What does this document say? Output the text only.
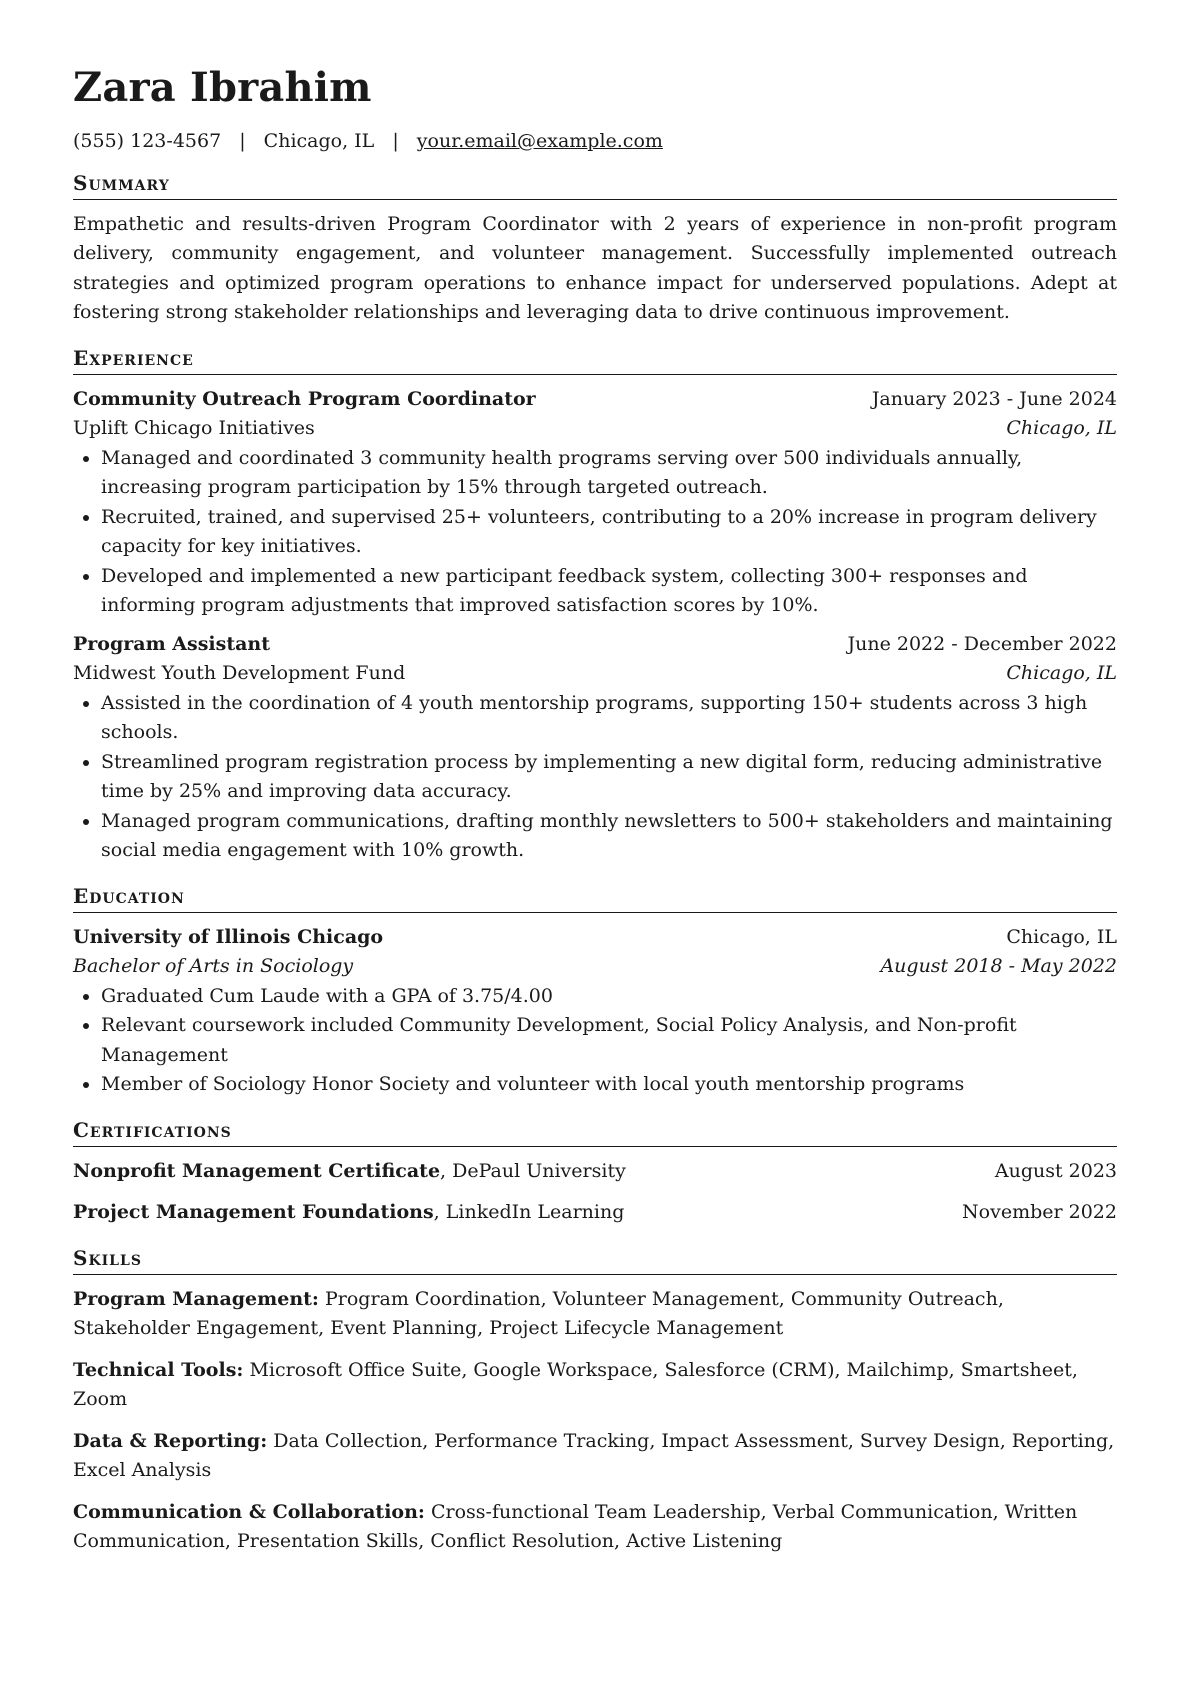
Zara Ibrahim
(555) 123-4567 | Chicago, IL | your.email@example.com
Summary

Empathetic and results-driven Program Coordinator with 2 years of experience in non-profit program delivery, community engagement, and volunteer management. Successfully implemented outreach strategies and optimized program operations to enhance impact for underserved populations. Adept at fostering strong stakeholder relationships and leveraging data to drive continuous improvement.

Experience
Community Outreach Program Coordinator	January 2023 - June 2024
Uplift Chicago Initiatives	Chicago, IL
• Managed and coordinated 3 community health programs serving over 500 individuals annually, increasing program participation by 15% through targeted outreach.
• Recruited, trained, and supervised 25+ volunteers, contributing to a 20% increase in program delivery capacity for key initiatives.
• Developed and implemented a new participant feedback system, collecting 300+ responses and informing program adjustments that improved satisfaction scores by 10%.
Program Assistant	June 2022 - December 2022
Midwest Youth Development Fund	Chicago, IL
• Assisted in the coordination of 4 youth mentorship programs, supporting 150+ students across 3 high schools.
• Streamlined program registration process by implementing a new digital form, reducing administrative time by 25% and improving data accuracy.
• Managed program communications, drafting monthly newsletters to 500+ stakeholders and maintaining social media engagement with 10% growth.
Education
University of Illinois Chicago	Chicago, IL
Bachelor of Arts in Sociology	August 2018 - May 2022
• Graduated Cum Laude with a GPA of 3.75/4.00
• Relevant coursework included Community Development, Social Policy Analysis, and Non-profit Management
• Member of Sociology Honor Society and volunteer with local youth mentorship programs
Certifications
Nonprofit Management Certificate, DePaul University	August 2023
Project Management Foundations, LinkedIn Learning	November 2022
Skills
Program Management: Program Coordination, Volunteer Management, Community Outreach, Stakeholder Engagement, Event Planning, Project Lifecycle Management
Technical Tools: Microsoft Office Suite, Google Workspace, Salesforce (CRM), Mailchimp, Smartsheet, Zoom
Data & Reporting: Data Collection, Performance Tracking, Impact Assessment, Survey Design, Reporting, Excel Analysis
Communication & Collaboration: Cross-functional Team Leadership, Verbal Communication, Written Communication, Presentation Skills, Conflict Resolution, Active Listening
